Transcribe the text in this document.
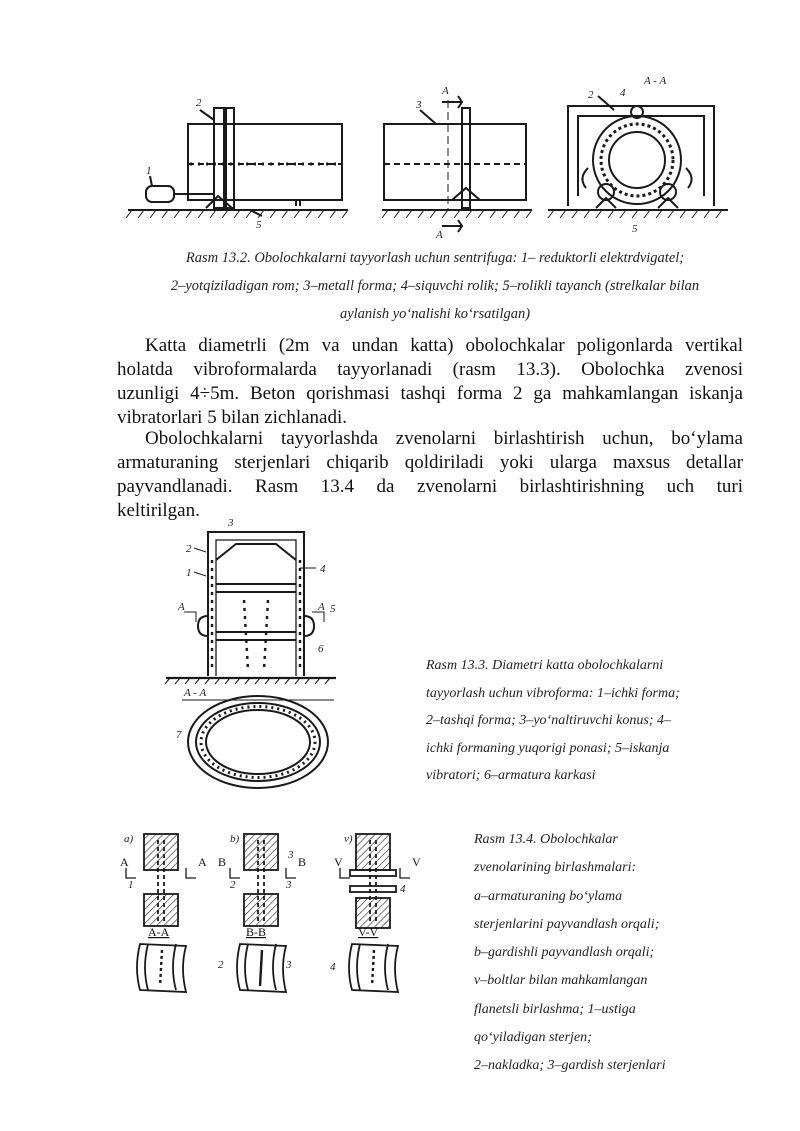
2
1
5
3
A
A
A - A
2 4
5
Rasm 13.2. Obolochkalarni tayyorlash uchun sentrifuga: 1– reduktorli elektrdvigatel;
2–yotqiziladigan rom; 3–metall forma; 4–siquvchi rolik; 5–rolikli tayanch (strelkalar bilan
aylanish yo‘nalishi ko‘rsatilgan)
Katta diametrli (2m va undan katta) obolochkalar poligonlarda vertikal
holatda vibroformalarda tayyorlanadi (rasm 13.3). Obolochka zvenosi
uzunligi 4÷5m. Beton qorishmasi tashqi forma 2 ga mahkamlangan iskanja
vibratorlari 5 bilan zichlanadi.
Obolochkalarni tayyorlashda zvenolarni birlashtirish uchun, bo‘ylama
armaturaning sterjenlari chiqarib qoldiriladi yoki ularga maxsus detallar
payvandlanadi. Rasm 13.4 da zvenolarni birlashtirishning uch turi
keltirilgan.
3
2
1	4
5
6
A	A
A - A
7
Rasm 13.3. Diametri katta obolochkalarni
tayyorlash uchun vibroforma: 1–ichki forma;
2–tashqi forma; 3–yo‘naltiruvchi konus; 4–
ichki formaning yuqorigi ponasi; 5–iskanja
vibratori; 6–armatura karkasi
a)
A	A
1
A-A
b)
B	B
2	3
3
B-B
2	3
v)
V	V
4
V-V
4
Rasm 13.4. Obolochkalar
zvenolarining birlashmalari:
a–armaturaning bo‘ylama
sterjenlarini payvandlash orqali;
b–gardishli payvandlash orqali;
v–boltlar bilan mahkamlangan
flanetsli birlashma; 1–ustiga
qo‘yiladigan sterjen;
2–nakladka; 3–gardish sterjenlari
